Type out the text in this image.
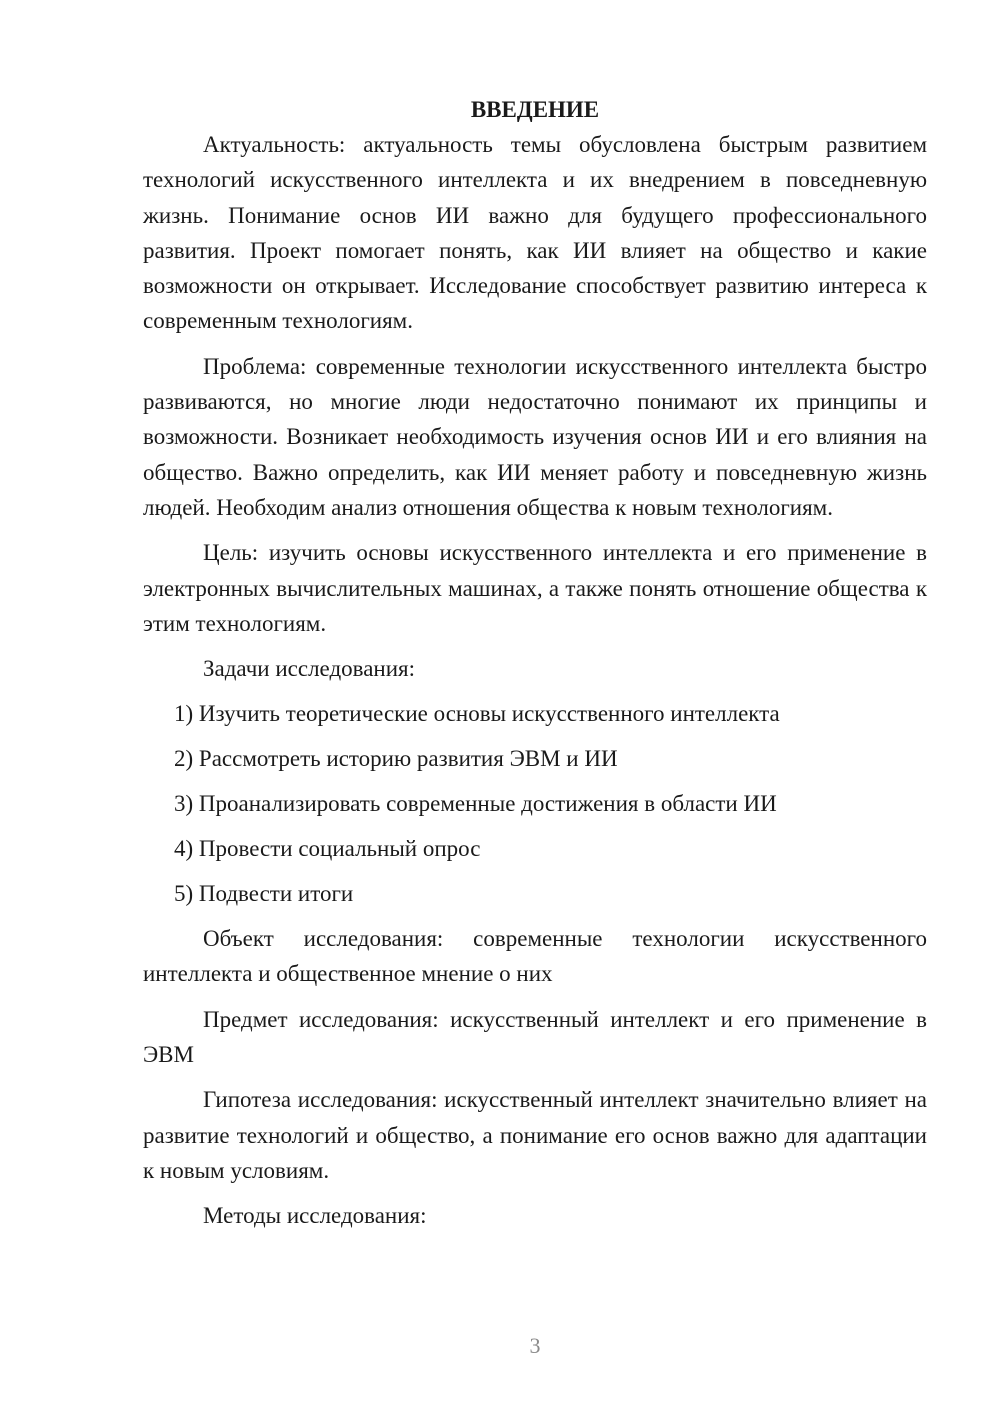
ВВЕДЕНИЕ

Актуальность: актуальность темы обусловлена быстрым развитием технологий искусственного интеллекта и их внедрением в повседневную жизнь. Понимание основ ИИ важно для будущего профессионального развития. Проект помогает понять, как ИИ влияет на общество и какие возможности он открывает. Исследование способствует развитию интереса к современным технологиям.

Проблема: современные технологии искусственного интеллекта быстро развиваются, но многие люди недостаточно понимают их принципы и возможности. Возникает необходимость изучения основ ИИ и его влияния на общество. Важно определить, как ИИ меняет работу и повседневную жизнь людей. Необходим анализ отношения общества к новым технологиям.

Цель: изучить основы искусственного интеллекта и его применение в электронных вычислительных машинах, а также понять отношение общества к этим технологиям.

Задачи исследования:
1) Изучить теоретические основы искусственного интеллекта
2) Рассмотреть историю развития ЭВМ и ИИ
3) Проанализировать современные достижения в области ИИ
4) Провести социальный опрос
5) Подвести итоги

Объект исследования: современные технологии искусственного интеллекта и общественное мнение о них

Предмет исследования: искусственный интеллект и его применение в ЭВМ

Гипотеза исследования: искусственный интеллект значительно влияет на развитие технологий и общество, а понимание его основ важно для адаптации к новым условиям.

Методы исследования:
3
